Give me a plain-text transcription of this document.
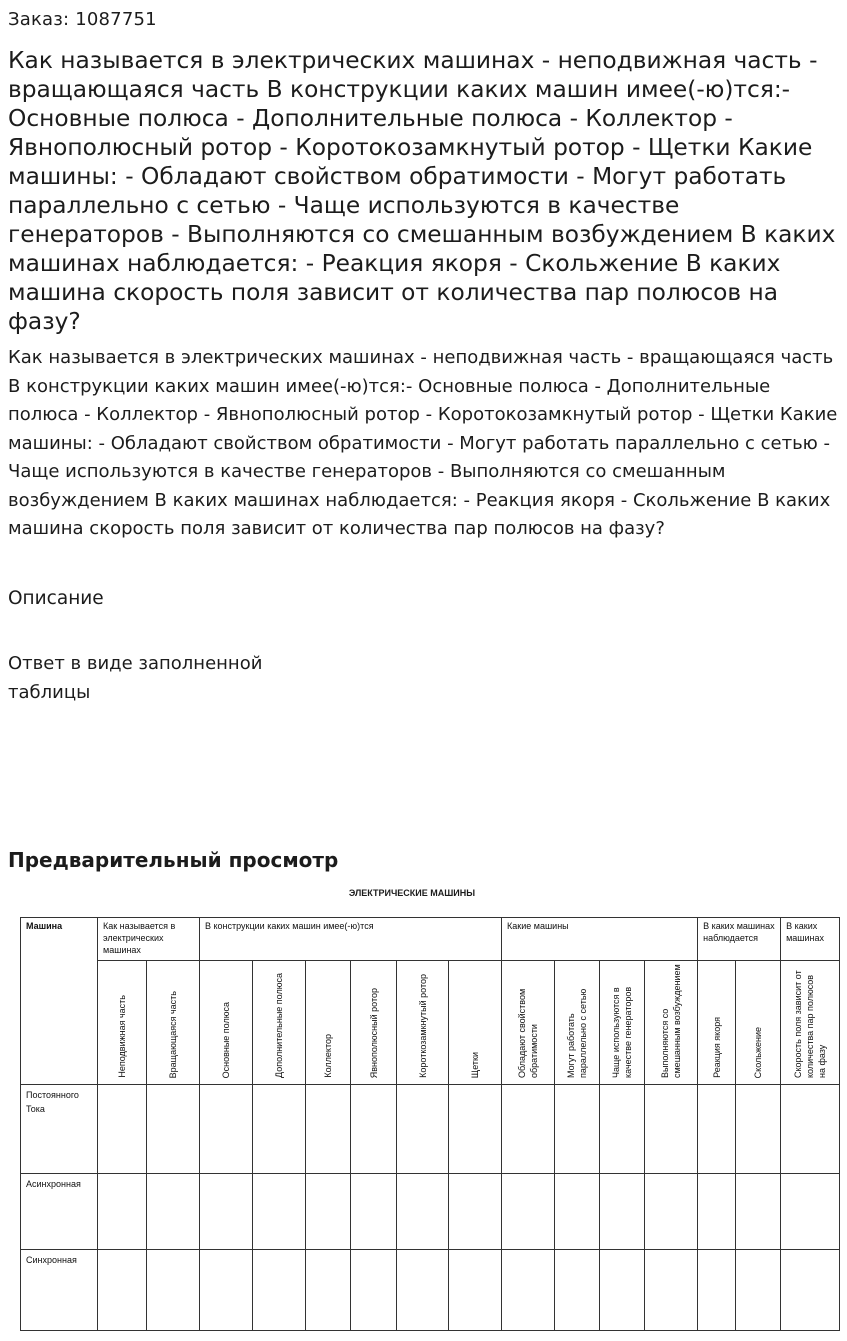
Заказ: 1087751
Как называется в электрических машинах - неподвижная часть - вращающаяся часть В конструкции каких машин имее(-ю)тся:- Основные полюса - Дополнительные полюса - Коллектор - Явнополюсный ротор - Коротокозамкнутый ротор - Щетки Какие машины: - Обладают свойством обратимости - Могут работать параллельно с сетью - Чаще используются в качестве генераторов - Выполняются со смешанным возбуждением В каких машинах наблюдается: - Реакция якоря - Скольжение В каких машина скорость поля зависит от количества пар полюсов на фазу?

Как называется в электрических машинах - неподвижная часть - вращающаяся часть В конструкции каких машин имее(-ю)тся:- Основные полюса - Дополнительные полюса - Коллектор - Явнополюсный ротор - Коротокозамкнутый ротор - Щетки Какие машины: - Обладают свойством обратимости - Могут работать параллельно с сетью - Чаще используются в качестве генераторов - Выполняются со смешанным возбуждением В каких машинах наблюдается: - Реакция якоря - Скольжение В каких машина скорость поля зависит от количества пар полюсов на фазу?

Описание
Ответ в виде заполненной таблицы
Предварительный просмотр
ЭЛЕКТРИЧЕСКИЕ МАШИНЫ
Машина	Как называется в электрических машинах		В конструкции каких машин имее(-ю)тся						Какие машины				В каких машинах наблюдается		В каких машинах

	Неподвижная часть	Вращающаяся часть	Основные полюса	Дополнительные полюса	Коллектор	Явнополюсный ротор	Короткозамкнутый ротор	Щетки	Обладают свойством обратимости	Могут работать параллельно с сетью	Чаще используются в качестве генераторов	Выполняются со смешанным возбуждением	Реакция якоря	Скольжение	Скорость поля зависит от количества пар полюсов на фазу

Постоянного Тока															

Асинхронная															

Синхронная															
